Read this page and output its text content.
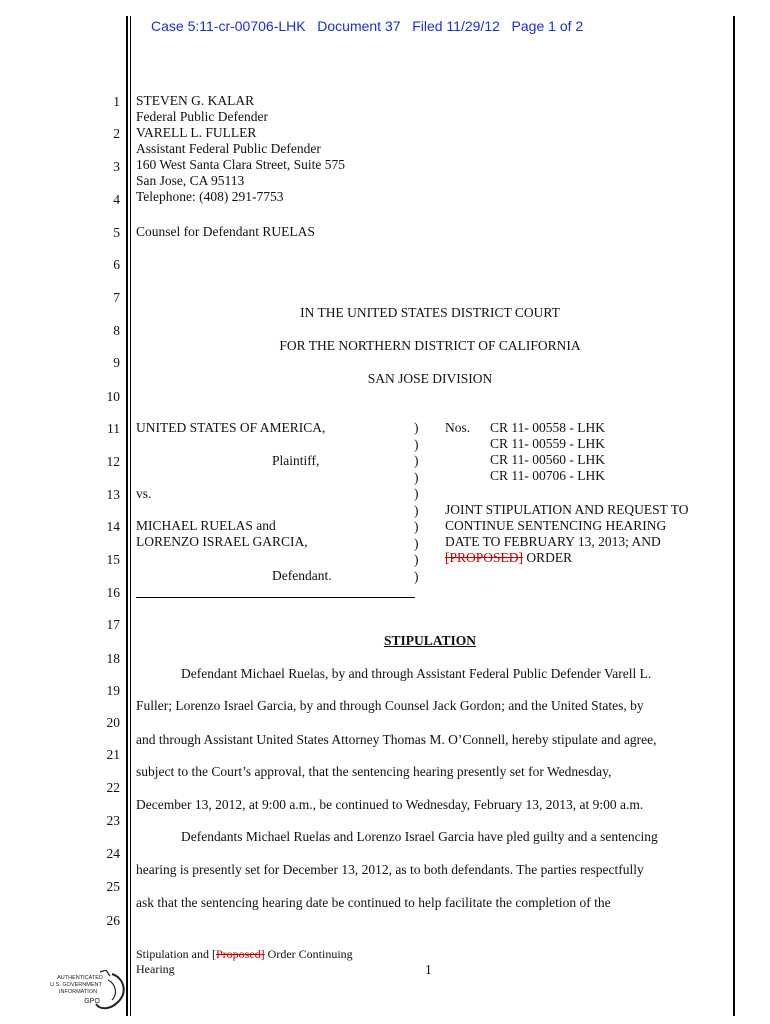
Case 5:11-cr-00706-LHK   Document 37   Filed 11/29/12   Page 1 of 2
1
2
3
4
5
6
7
8
9
10
11
12
13
14
15
16
17
18
19
20
21
22
23
24
25
26
STEVEN G. KALAR
Federal Public Defender
VARELL L. FULLER
Assistant Federal Public Defender
160 West Santa Clara Street, Suite 575
San Jose, CA 95113
Telephone: (408) 291-7753
Counsel for Defendant RUELAS
IN THE UNITED STATES DISTRICT COURT
FOR THE NORTHERN DISTRICT OF CALIFORNIA
SAN JOSE DIVISION
UNITED STATES OF AMERICA,
Plaintiff,
vs.
MICHAEL RUELAS and
LORENZO ISRAEL GARCIA,
Defendant.
)
)
)
)
)
)
)
)
)
)
Nos. CR 11- 00558 - LHK
CR 11- 00559 - LHK
CR 11- 00560 - LHK
CR 11- 00706 - LHK
JOINT STIPULATION AND REQUEST TO
CONTINUE SENTENCING HEARING
DATE TO FEBRUARY 13, 2013; AND
[PROPOSED] ORDER
STIPULATION
Defendant Michael Ruelas, by and through Assistant Federal Public Defender Varell L.
Fuller; Lorenzo Israel Garcia, by and through Counsel Jack Gordon; and the United States, by
and through Assistant United States Attorney Thomas M. O’Connell, hereby stipulate and agree,
subject to the Court’s approval, that the sentencing hearing presently set for Wednesday,
December 13, 2012, at 9:00 a.m., be continued to Wednesday, February 13, 2013, at 9:00 a.m.
Defendants Michael Ruelas and Lorenzo Israel Garcia have pled guilty and a sentencing
hearing is presently set for December 13, 2012, as to both defendants. The parties respectfully
ask that the sentencing hearing date be continued to help facilitate the completion of the
Stipulation and [Proposed] Order Continuing
Hearing	1
AUTHENTICATED
U.S. GOVERNMENT
INFORMATION
GPO
